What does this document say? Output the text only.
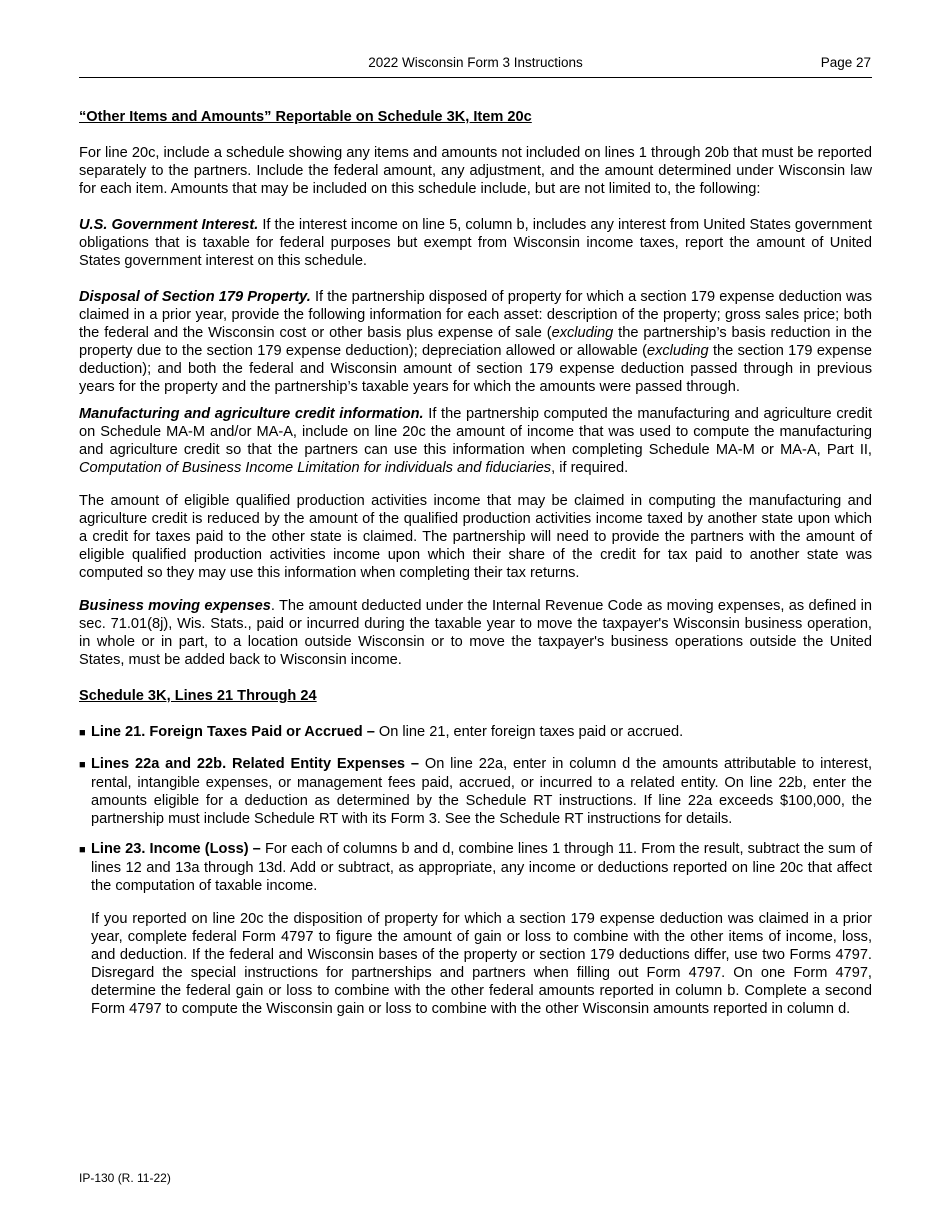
2022 Wisconsin Form 3 Instructions	Page 27

“Other Items and Amounts” Reportable on Schedule 3K, Item 20c

For line 20c, include a schedule showing any items and amounts not included on lines 1 through 20b that must be reported separately to the partners. Include the federal amount, any adjustment, and the amount determined under Wisconsin law for each item. Amounts that may be included on this schedule include, but are not limited to, the following:

U.S. Government Interest. If the interest income on line 5, column b, includes any interest from United States government obligations that is taxable for federal purposes but exempt from Wisconsin income taxes, report the amount of United States government interest on this schedule.

Disposal of Section 179 Property. If the partnership disposed of property for which a section 179 expense deduction was claimed in a prior year, provide the following information for each asset: description of the property; gross sales price; both the federal and the Wisconsin cost or other basis plus expense of sale (excluding the partnership’s basis reduction in the property due to the section 179 expense deduction); depreciation allowed or allowable (excluding the section 179 expense deduction); and both the federal and Wisconsin amount of section 179 expense deduction passed through in previous years for the property and the partnership’s taxable years for which the amounts were passed through.

Manufacturing and agriculture credit information. If the partnership computed the manufacturing and agriculture credit on Schedule MA-M and/or MA-A, include on line 20c the amount of income that was used to compute the manufacturing and agriculture credit so that the partners can use this information when completing Schedule MA-M or MA-A, Part II, Computation of Business Income Limitation for individuals and fiduciaries, if required.

The amount of eligible qualified production activities income that may be claimed in computing the manufacturing and agriculture credit is reduced by the amount of the qualified production activities income taxed by another state upon which a credit for taxes paid to the other state is claimed. The partnership will need to provide the partners with the amount of eligible qualified production activities income upon which their share of the credit for tax paid to another state was computed so they may use this information when completing their tax returns.

Business moving expenses. The amount deducted under the Internal Revenue Code as moving expenses, as defined in sec. 71.01(8j), Wis. Stats., paid or incurred during the taxable year to move the taxpayer's Wisconsin business operation, in whole or in part, to a location outside Wisconsin or to move the taxpayer's business operations outside the United States, must be added back to Wisconsin income.

Schedule 3K, Lines 21 Through 24

■ Line 21. Foreign Taxes Paid or Accrued – On line 21, enter foreign taxes paid or accrued.

■ Lines 22a and 22b. Related Entity Expenses – On line 22a, enter in column d the amounts attributable to interest, rental, intangible expenses, or management fees paid, accrued, or incurred to a related entity. On line 22b, enter the amounts eligible for a deduction as determined by the Schedule RT instructions. If line 22a exceeds $100,000, the partnership must include Schedule RT with its Form 3. See the Schedule RT instructions for details.

■ Line 23. Income (Loss) – For each of columns b and d, combine lines 1 through 11. From the result, subtract the sum of lines 12 and 13a through 13d. Add or subtract, as appropriate, any income or deductions reported on line 20c that affect the computation of taxable income.

If you reported on line 20c the disposition of property for which a section 179 expense deduction was claimed in a prior year, complete federal Form 4797 to figure the amount of gain or loss to combine with the other items of income, loss, and deduction. If the federal and Wisconsin bases of the property or section 179 deductions differ, use two Forms 4797. Disregard the special instructions for partnerships and partners when filling out Form 4797. On one Form 4797, determine the federal gain or loss to combine with the other federal amounts reported in column b. Complete a second Form 4797 to compute the Wisconsin gain or loss to combine with the other Wisconsin amounts reported in column d.

IP-130 (R. 11-22)
